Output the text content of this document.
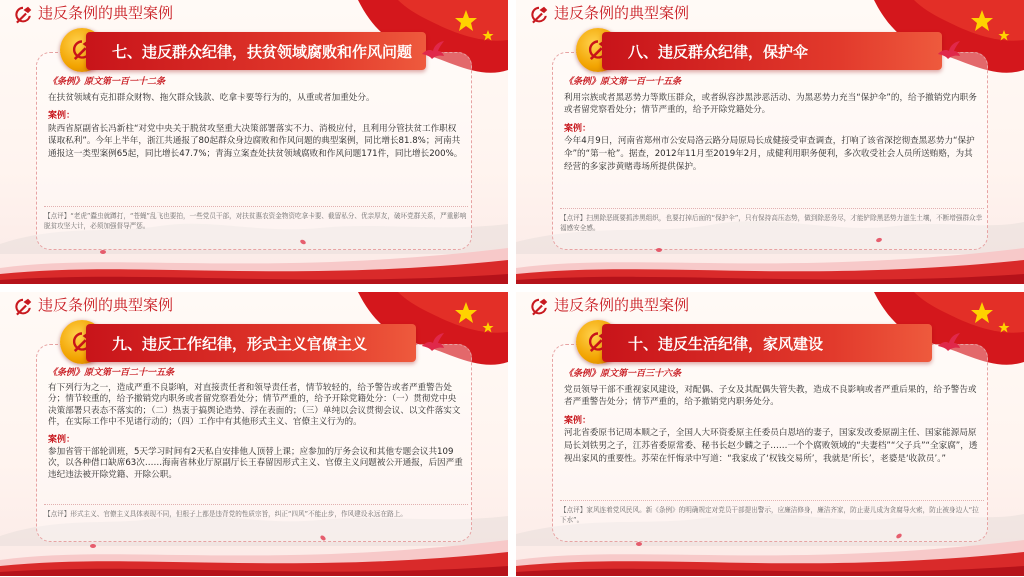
违反条例的典型案例
七、违反群众纪律，扶贫领域腐败和作风问题
《条例》原文第一百一十二条
在扶贫领域有克扣群众财物、拖欠群众钱款、吃拿卡要等行为的，从重或者加重处分。
案例：
陕西省原副省长冯新柱“对党中央关于脱贫攻坚重大决策部署落实不力、消极应付，且利用分管扶贫工作职权谋取私利”。今年上半年，浙江共通报了80起群众身边腐败和作风问题的典型案例，同比增长81.8%；河南共通报这一类型案例65起，同比增长47.7%；青海立案查处扶贫领域腐败和作风问题171件，同比增长200%。
【点评】“老虎”蠹虫就蹲打，“苍蝇”乱飞也要拍，一些党员干部，对扶贫惠农资金物资吃拿卡要、截留私分、优亲厚友，破坏党群关系，严重影响脱贫攻坚大计，必须加强督导严惩。
违反条例的典型案例
八、违反群众纪律，保护伞
《条例》原文第一百一十五条
利用宗族或者黑恶势力等欺压群众，或者纵容涉黑涉恶活动、为黑恶势力充当“保护伞”的，给予撤销党内职务或者留党察看处分；情节严重的，给予开除党籍处分。
案例：
今年4月9日，河南省郑州市公安局洛云路分局原局长成健接受审查调查，打响了该省深挖彻查黑恶势力“保护伞”的“第一枪”。据查，2012年11月至2019年2月，成健利用职务便利，多次收受社会人员所送贿赂，为其经营的多家涉黄赌毒场所提供保护。
【点评】扫黑除恶既要抓涉黑组织，也要打掉后面的“保护伞”，只有保持高压态势，做到除恶务尽，才能铲除黑恶势力滋生土壤，不断增强群众幸福感安全感。
违反条例的典型案例
九、违反工作纪律，形式主义官僚主义
《条例》原文第一百二十一五条
有下列行为之一，造成严重不良影响，对直接责任者和领导责任者，情节较轻的，给予警告或者严重警告处分；情节较重的，给予撤销党内职务或者留党察看处分；情节严重的，给予开除党籍处分：（一）贯彻党中央决策部署只表态不落实的；（二）热衷于搞舆论造势、浮在表面的；（三）单纯以会议贯彻会议、以文件落实文件，在实际工作中不见诸行动的；（四）工作中有其他形式主义、官僚主义行为的。
案例：
参加省管干部轮训班，5天学习时间有2天私自安排他人顶替上课；应参加的厅务会议和其他专题会议共109次，以各种借口缺席63次……海南省林业厅原副厅长王春留因形式主义、官僚主义问题被公开通报，后因严重违纪违法被开除党籍、开除公职。
【点评】形式主义、官僚主义具体表现不同，但根子上都是违背党的性质宗旨，纠正“四风”不能止步，作风建设永远在路上。
违反条例的典型案例
十、违反生活纪律，家风建设
《条例》原文第一百三十六条
党员领导干部不重视家风建设，对配偶、子女及其配偶失管失教，造成不良影响或者严重后果的，给予警告或者严重警告处分；情节严重的，给予撤销党内职务处分。
案例：
河北省委原书记周本顺之子，全国人大环资委原主任委员白恩培的妻子，国家发改委原副主任、国家能源局原局长刘铁男之子，江苏省委原常委、秘书长赵少麟之子……一个个腐败领域的“夫妻档”“父子兵”“全家腐”，透视出家风的重要性。苏荣在忏悔录中写道：“我家成了‘权钱交易所’，我就是‘所长’，老婆是‘收款员’。”
【点评】家风连着党风民风。新《条例》的明确规定对党员干部提出警示，应廉洁修身，廉洁齐家，防止妻儿成为贪腐导火索，防止被身边人“拉下水”。
